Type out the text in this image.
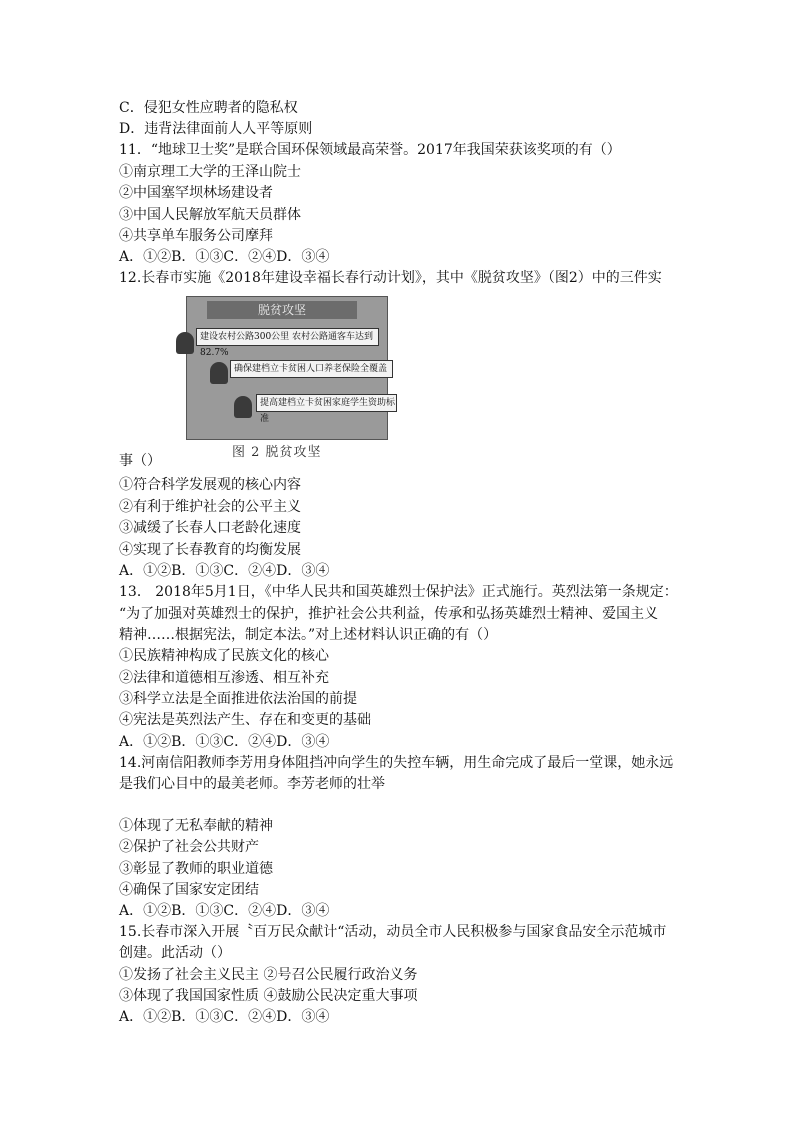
C．侵犯女性应聘者的隐私权
D．违背法律面前人人平等原则
11．“地球卫士奖”是联合国环保领域最高荣誉。2017年我国荣获该奖项的有（）
①南京理工大学的王泽山院士
②中国塞罕坝林场建设者
③中国人民解放军航天员群体
④共享单车服务公司摩拜
A．①②B．①③C．②④D．③④
12.长春市实施《2018年建设幸福长春行动计划》，其中《脱贫攻坚》（图2）中的三件实
事（）
①符合科学发展观的核心内容
②有利于维护社会的公平主义
③减缓了长春人口老龄化速度
④实现了长春教育的均衡发展
A．①②B．①③C．②④D．③④
13． 2018年5月1日，《中华人民共和国英雄烈士保护法》正式施行。英烈法第一条规定：
“为了加强对英雄烈士的保护，推护社会公共利益，传承和弘扬英雄烈士精神、爱国主义
精神……根据宪法，制定本法。”对上述材料认识正确的有（）
①民族精神构成了民族文化的核心
②法律和道德相互渗透、相互补充
③科学立法是全面推进依法治国的前提
④宪法是英烈法产生、存在和变更的基础
A．①②B．①③C．②④D．③④
14.河南信阳教师李芳用身体阻挡冲向学生的失控车辆，用生命完成了最后一堂课，她永远
是我们心目中的最美老师。李芳老师的壮举
①体现了无私奉献的精神
②保护了社会公共财产
③彰显了教师的职业道德
④确保了国家安定团结
A．①②B．①③C．②④D．③④
15.长春市深入开展〝百万民众献计“活动，动员全市人民积极参与国家食品安全示范城市
创建。此活动（）
①发扬了社会主义民主 ②号召公民履行政治义务
③体现了我国国家性质 ④鼓励公民决定重大事项
A．①②B．①③C．②④D．③④
脱贫攻坚
建设农村公路300公里 农村公路通客车达到82.7%
确保建档立卡贫困人口养老保险全覆盖
提高建档立卡贫困家庭学生资助标准
图 2 脱贫攻坚
